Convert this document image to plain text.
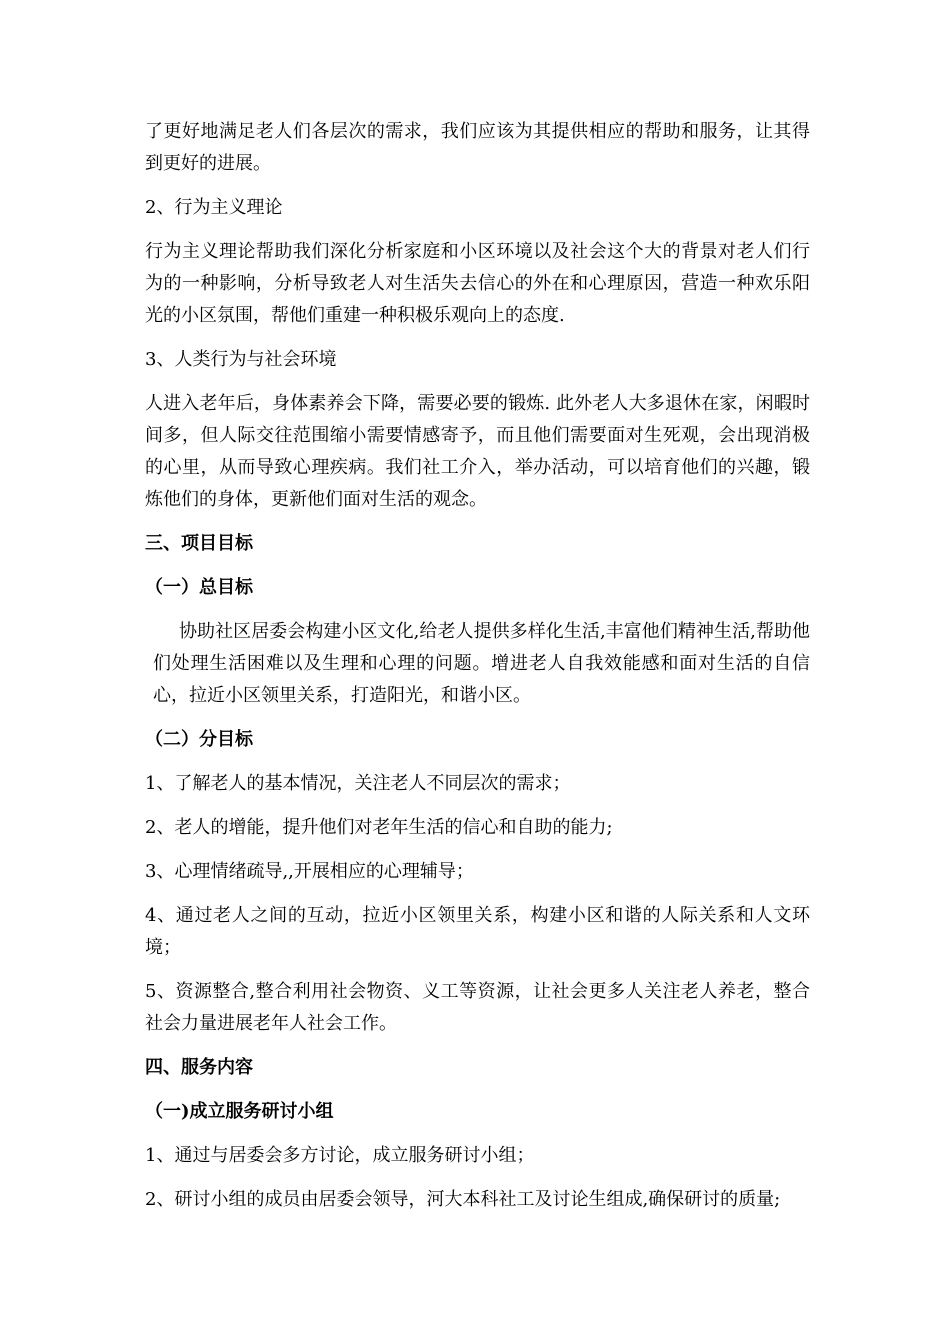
了更好地满足老人们各层次的需求，我们应该为其提供相应的帮助和服务，让其得到更好的进展。

2、行为主义理论

行为主义理论帮助我们深化分析家庭和小区环境以及社会这个大的背景对老人们行为的一种影响，分析导致老人对生活失去信心的外在和心理原因，营造一种欢乐阳光的小区氛围，帮他们重建一种积极乐观向上的态度.

3、人类行为与社会环境

人进入老年后，身体素养会下降，需要必要的锻炼. 此外老人大多退休在家，闲暇时间多，但人际交往范围缩小需要情感寄予，而且他们需要面对生死观，会出现消极的心里，从而导致心理疾病。我们社工介入，举办活动，可以培育他们的兴趣，锻炼他们的身体，更新他们面对生活的观念。

三、项目目标

（一）总目标

协助社区居委会构建小区文化,给老人提供多样化生活,丰富他们精神生活,帮助他们处理生活困难以及生理和心理的问题。增进老人自我效能感和面对生活的自信心，拉近小区领里关系，打造阳光，和谐小区。

（二）分目标

1、了解老人的基本情况，关注老人不同层次的需求；

2、老人的增能，提升他们对老年生活的信心和自助的能力;

3、心理情绪疏导,,开展相应的心理辅导；

4、通过老人之间的互动，拉近小区领里关系，构建小区和谐的人际关系和人文环境；

5、资源整合,整合利用社会物资、义工等资源，让社会更多人关注老人养老，整合社会力量进展老年人社会工作。

四、服务内容

（一)成立服务研讨小组

1、通过与居委会多方讨论，成立服务研讨小组；

2、研讨小组的成员由居委会领导，河大本科社工及讨论生组成,确保研讨的质量;
